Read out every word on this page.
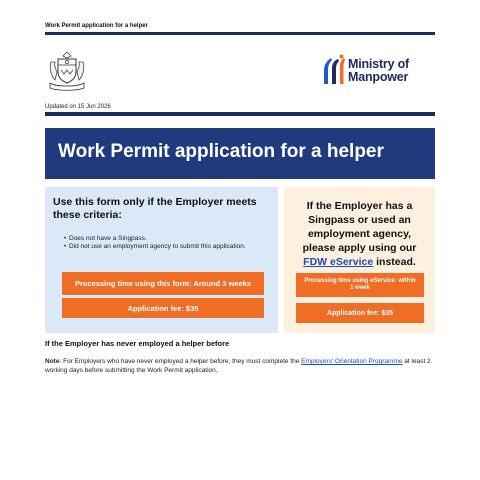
Work Permit application for a helper
Ministry of
Manpower
Updated on 15 Jun 2026
Work Permit application for a helper
Use this form only if the Employer meets these criteria:
• Does not have a Singpass.
• Did not use an employment agency to submit this application.
Processing time using this form: Around 3 weeks
Application fee: $35
If the Employer has a Singpass or used an employment agency, please apply using our FDW eService instead.
Processing time using eService: within 1 week
Application fee: $35
If the Employer has never employed a helper before
Note: For Employers who have never employed a helper before, they must complete the Employers' Orientation Programme at least 2 working days before submitting the Work Permit application.
